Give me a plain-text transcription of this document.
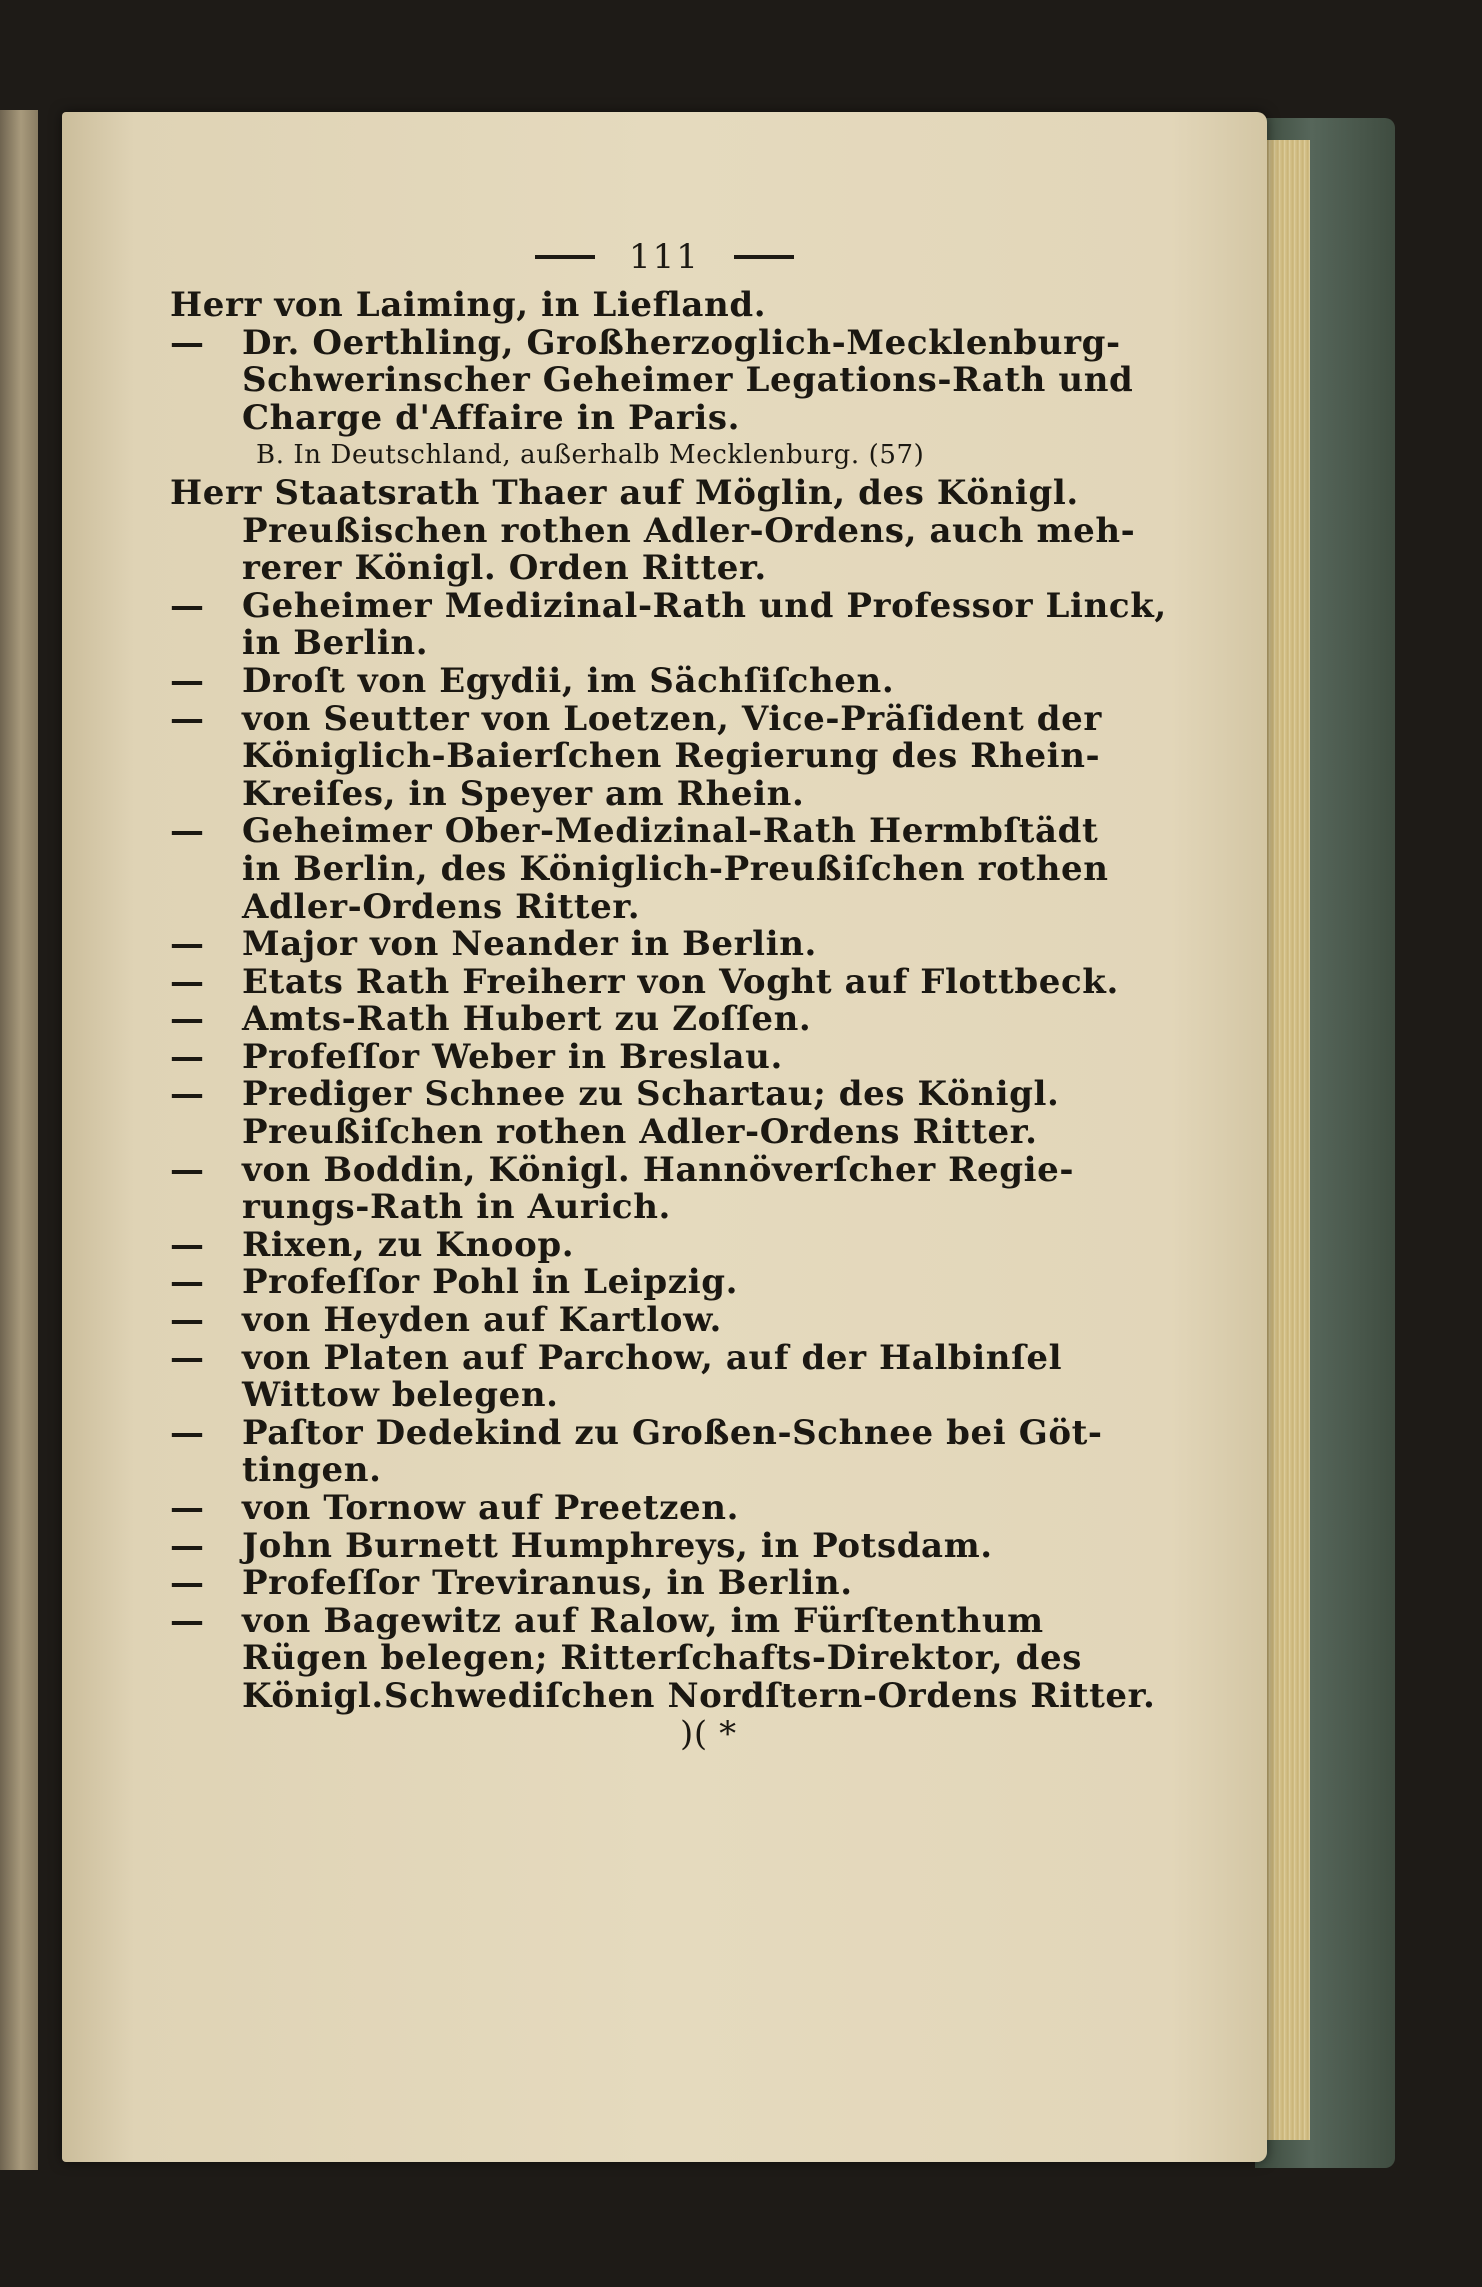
111
Herr von Laiming, in Liefland.
— Dr. Oerthling, Großherzoglich-Mecklenburg-
Schwerinscher Geheimer Legations-Rath und
Charge d'Affaire in Paris.
B. In Deutschland, außerhalb Mecklenburg. (57)
Herr Staatsrath Thaer auf Möglin, des Königl.
Preußischen rothen Adler-Ordens, auch meh-
rerer Königl. Orden Ritter.
— Geheimer Medizinal-Rath und Professor Linck,
in Berlin.
— Droſt von Egydii, im Sächſiſchen.
— von Seutter von Loetzen, Vice-Präſident der
Königlich-Baierſchen Regierung des Rhein-
Kreiſes, in Speyer am Rhein.
— Geheimer Ober-Medizinal-Rath Hermbſtädt
in Berlin, des Königlich-Preußiſchen rothen
Adler-Ordens Ritter.
— Major von Neander in Berlin.
— Etats Rath Freiherr von Voght auf Flottbeck.
— Amts-Rath Hubert zu Zoſſen.
— Profeſſor Weber in Breslau.
— Prediger Schnee zu Schartau; des Königl.
Preußiſchen rothen Adler-Ordens Ritter.
— von Boddin, Königl. Hannöverſcher Regie-
rungs-Rath in Aurich.
— Rixen, zu Knoop.
— Profeſſor Pohl in Leipzig.
— von Heyden auf Kartlow.
— von Platen auf Parchow, auf der Halbinſel
Wittow belegen.
— Paſtor Dedekind zu Großen-Schnee bei Göt-
tingen.
— von Tornow auf Preetzen.
— John Burnett Humphreys, in Potsdam.
— Profeſſor Treviranus, in Berlin.
— von Bagewitz auf Ralow, im Fürſtenthum
Rügen belegen; Ritterſchafts-Direktor, des
Königl.Schwediſchen Nordſtern-Ordens Ritter.
)( *
